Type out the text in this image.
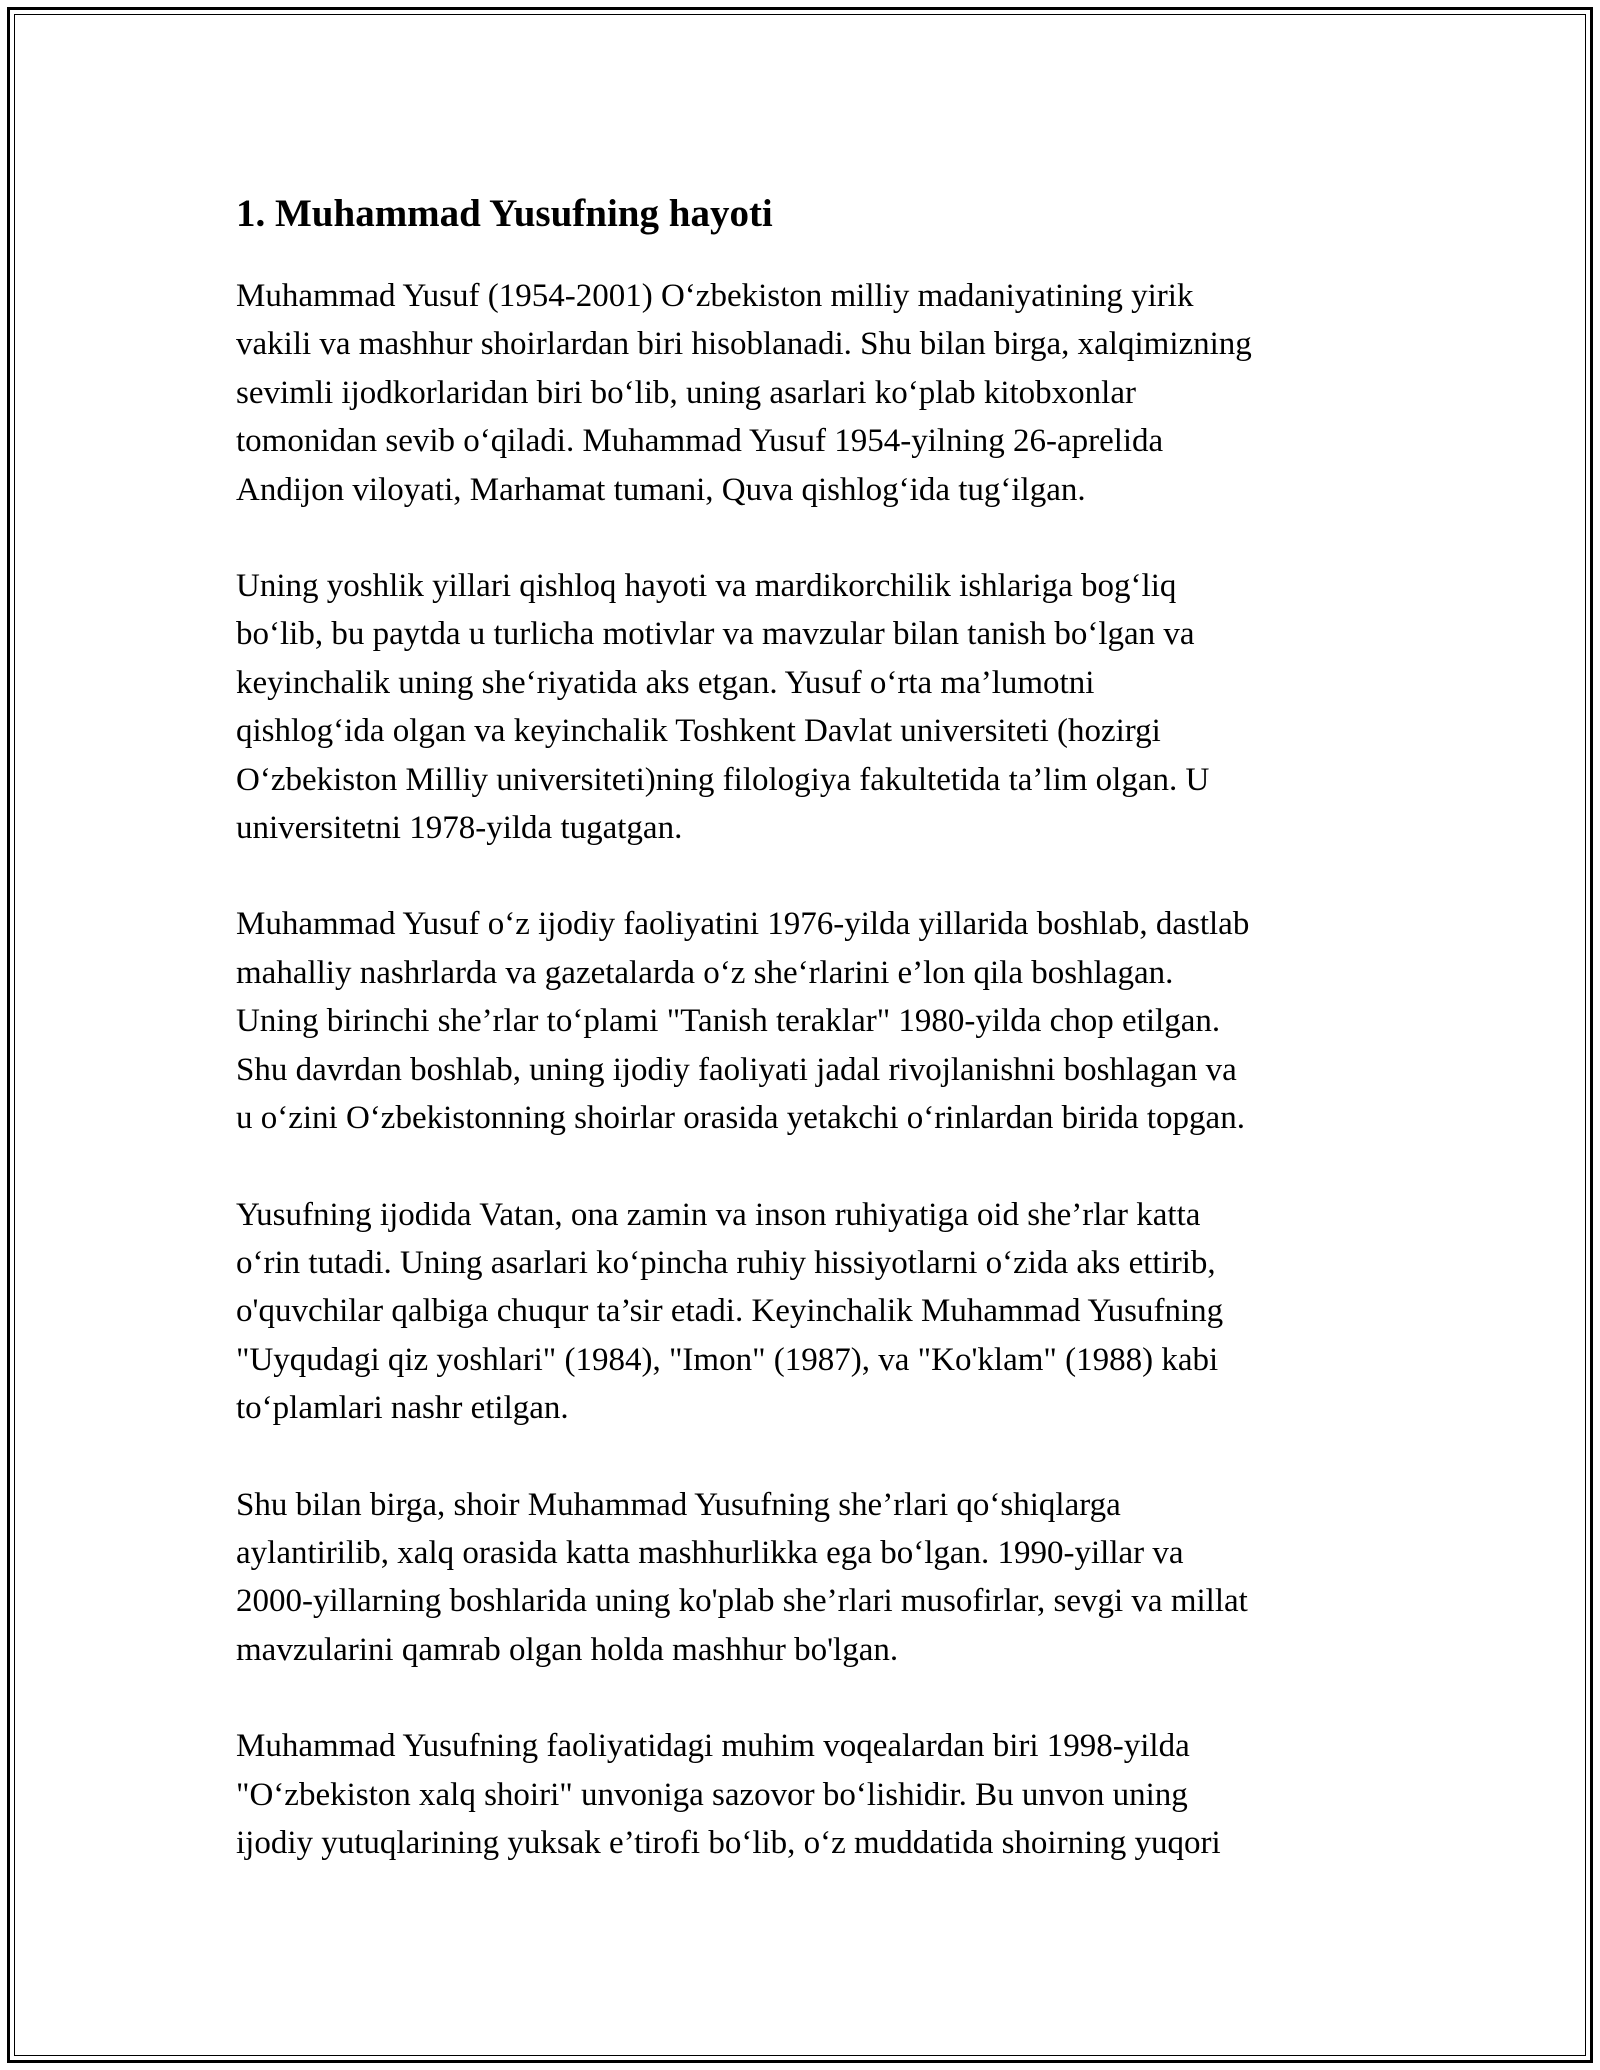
1. Muhammad Yusufning hayoti

Muhammad Yusuf (1954-2001) O‘zbekiston milliy madaniyatining yirik
vakili va mashhur shoirlardan biri hisoblanadi. Shu bilan birga, xalqimizning
sevimli ijodkorlaridan biri bo‘lib, uning asarlari ko‘plab kitobxonlar
tomonidan sevib o‘qiladi. Muhammad Yusuf 1954-yilning 26-aprelida
Andijon viloyati, Marhamat tumani, Quva qishlog‘ida tug‘ilgan.

Uning yoshlik yillari qishloq hayoti va mardikorchilik ishlariga bog‘liq
bo‘lib, bu paytda u turlicha motivlar va mavzular bilan tanish bo‘lgan va
keyinchalik uning she‘riyatida aks etgan. Yusuf o‘rta ma’lumotni
qishlog‘ida olgan va keyinchalik Toshkent Davlat universiteti (hozirgi
O‘zbekiston Milliy universiteti)ning filologiya fakultetida ta’lim olgan. U
universitetni 1978-yilda tugatgan.

Muhammad Yusuf o‘z ijodiy faoliyatini 1976-yilda yillarida boshlab, dastlab
mahalliy nashrlarda va gazetalarda o‘z she‘rlarini e’lon qila boshlagan.
Uning birinchi she’rlar to‘plami "Tanish teraklar" 1980-yilda chop etilgan.
Shu davrdan boshlab, uning ijodiy faoliyati jadal rivojlanishni boshlagan va
u o‘zini O‘zbekistonning shoirlar orasida yetakchi o‘rinlardan birida topgan.

Yusufning ijodida Vatan, ona zamin va inson ruhiyatiga oid she’rlar katta
o‘rin tutadi. Uning asarlari ko‘pincha ruhiy hissiyotlarni o‘zida aks ettirib,
o'quvchilar qalbiga chuqur ta’sir etadi. Keyinchalik Muhammad Yusufning
"Uyqudagi qiz yoshlari" (1984), "Imon" (1987), va "Ko'klam" (1988) kabi
to‘plamlari nashr etilgan.

Shu bilan birga, shoir Muhammad Yusufning she’rlari qo‘shiqlarga
aylantirilib, xalq orasida katta mashhurlikka ega bo‘lgan. 1990-yillar va
2000-yillarning boshlarida uning ko'plab she’rlari musofirlar, sevgi va millat
mavzularini qamrab olgan holda mashhur bo'lgan.

Muhammad Yusufning faoliyatidagi muhim voqealardan biri 1998-yilda
"O‘zbekiston xalq shoiri" unvoniga sazovor bo‘lishidir. Bu unvon uning
ijodiy yutuqlarining yuksak e’tirofi bo‘lib, o‘z muddatida shoirning yuqori
